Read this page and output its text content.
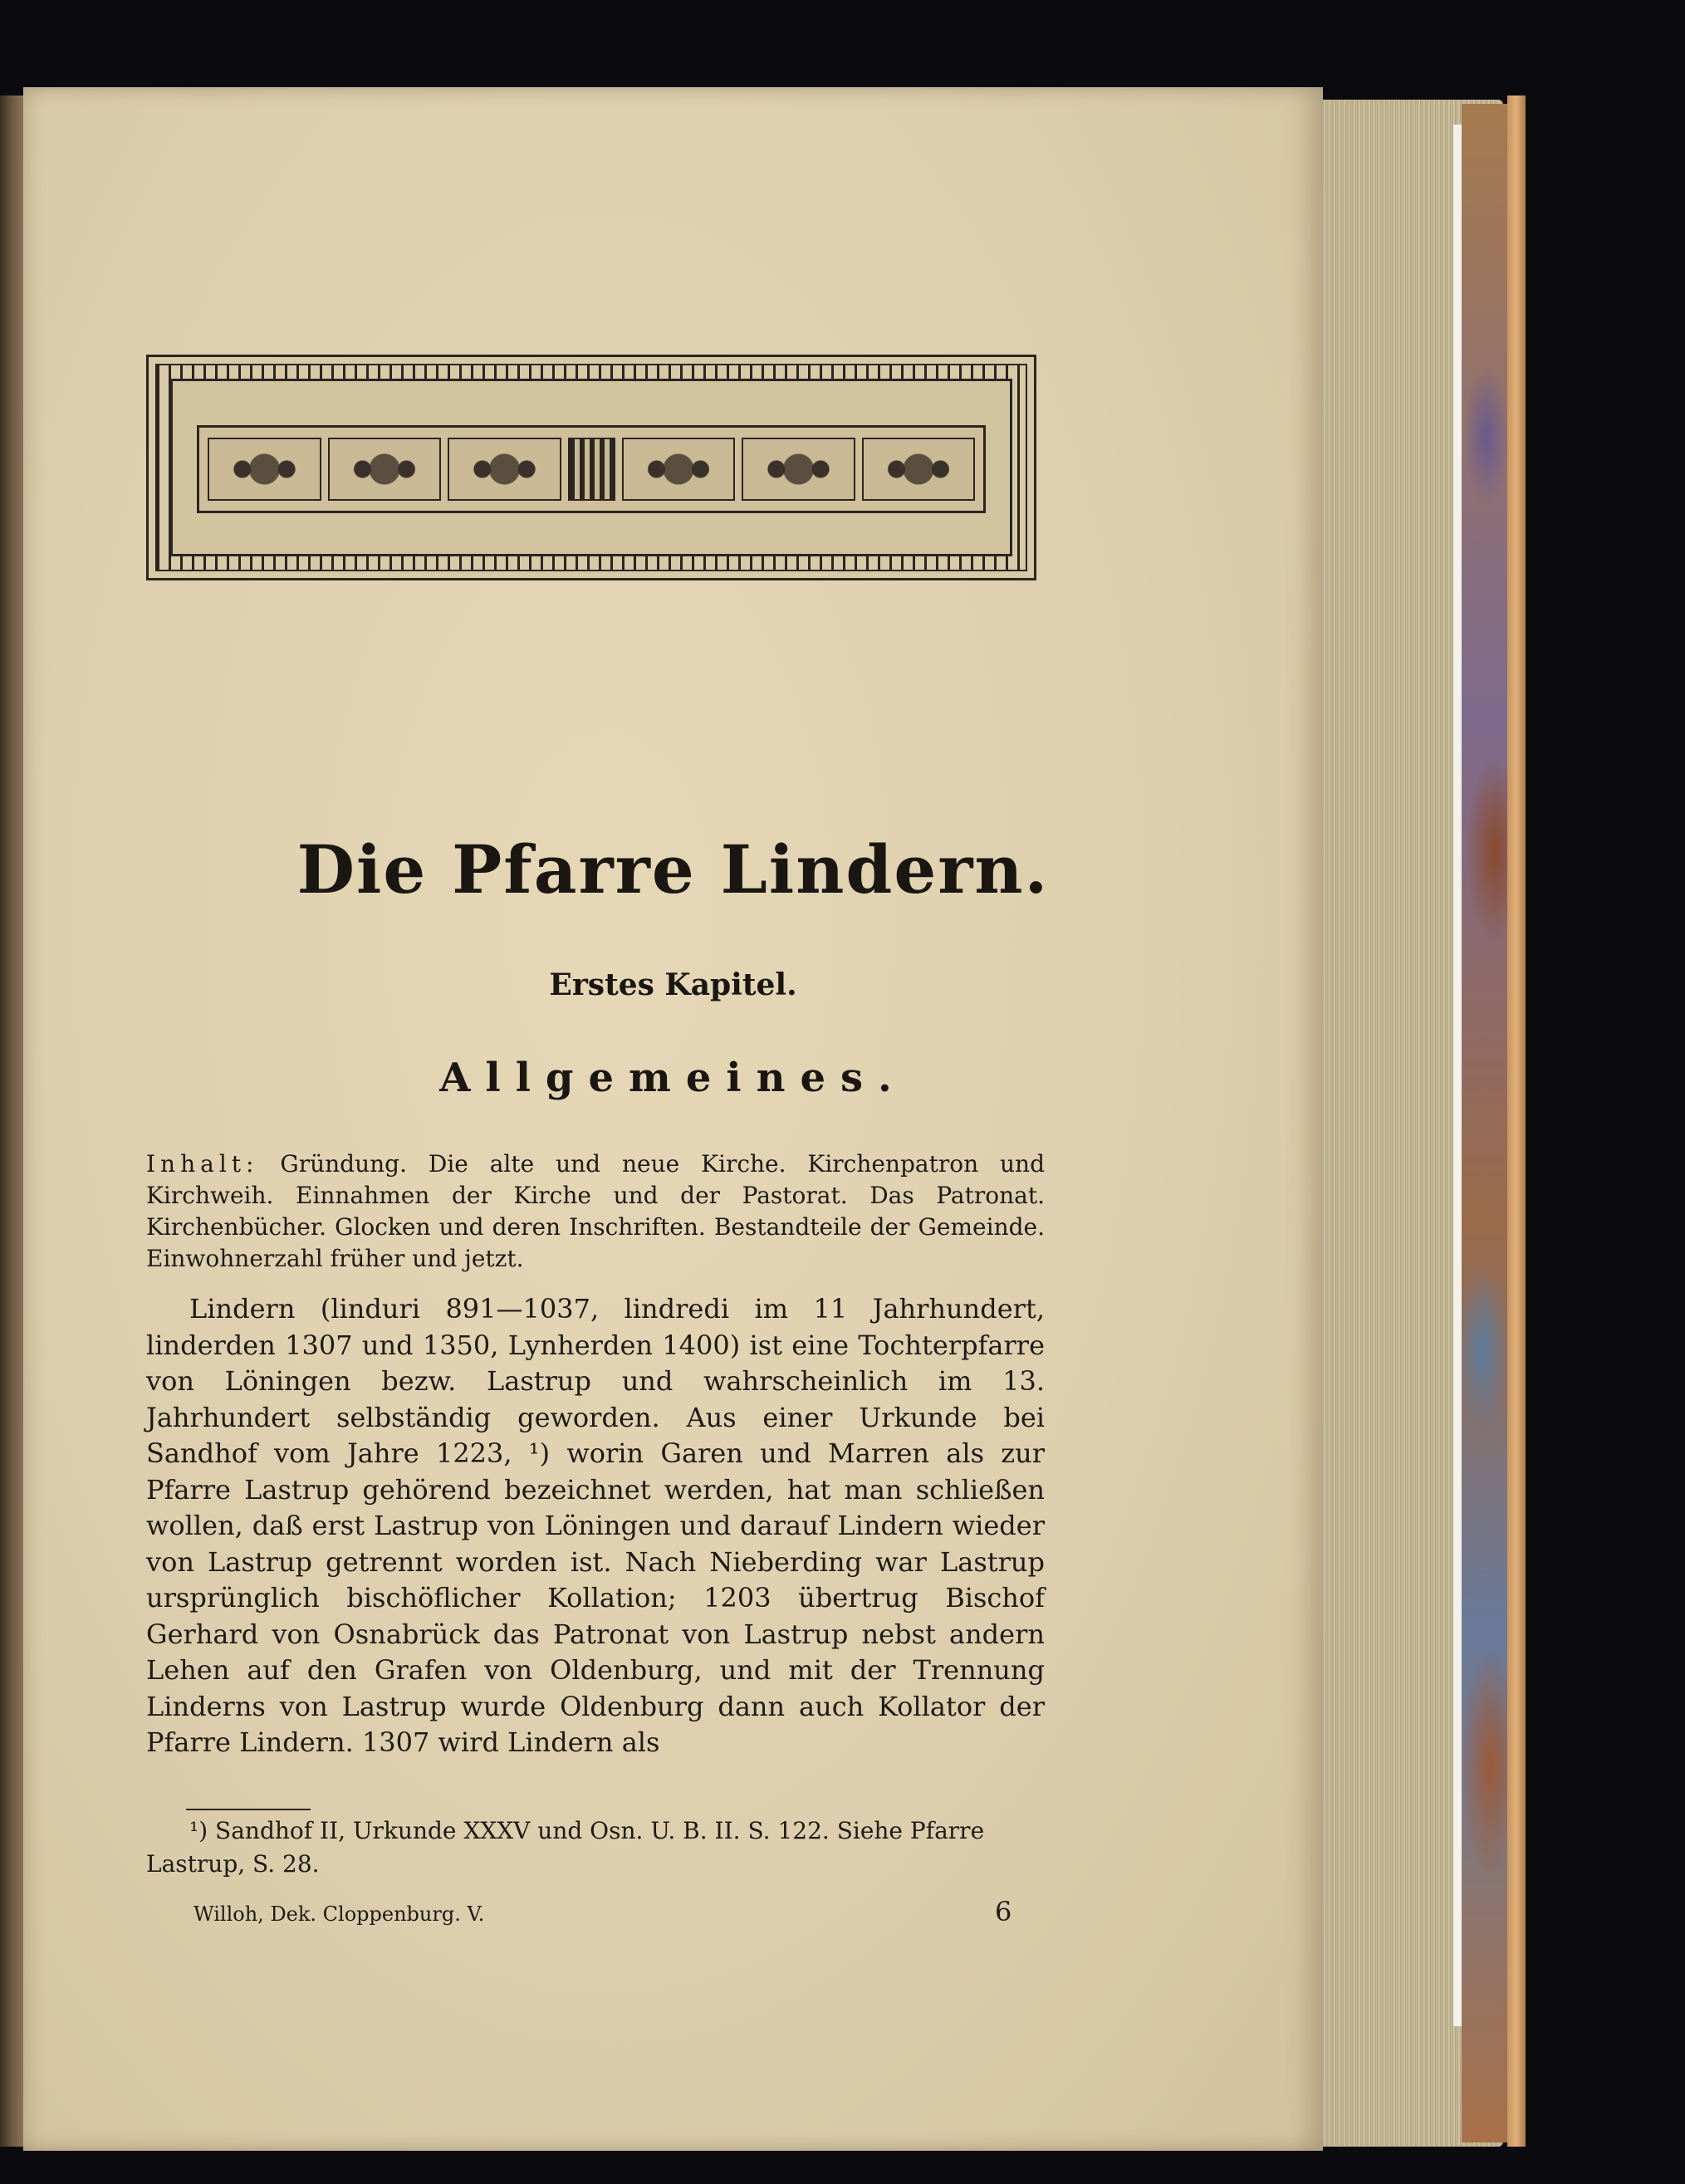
Die Pfarre Lindern.
Erstes Kapitel.
Allgemeines.
Inhalt: Gründung. Die alte und neue Kirche. Kirchenpatron und Kirchweih. Einnahmen der Kirche und der Pastorat. Das Patronat. Kirchenbücher. Glocken und deren Inschriften. Bestandteile der Gemeinde. Einwohnerzahl früher und jetzt.
Lindern (linduri 891—1037, lindredi im 11 Jahrhundert, linderden 1307 und 1350, Lynherden 1400) ist eine Tochterpfarre von Löningen bezw. Lastrup und wahrscheinlich im 13. Jahrhundert selbständig geworden. Aus einer Urkunde bei Sandhof vom Jahre 1223, ¹) worin Garen und Marren als zur Pfarre Lastrup gehörend bezeichnet werden, hat man schließen wollen, daß erst Lastrup von Löningen und darauf Lindern wieder von Lastrup getrennt worden ist. Nach Nieberding war Lastrup ursprünglich bischöflicher Kollation; 1203 übertrug Bischof Gerhard von Osnabrück das Patronat von Lastrup nebst andern Lehen auf den Grafen von Oldenburg, und mit der Trennung Linderns von Lastrup wurde Oldenburg dann auch Kollator der Pfarre Lindern. 1307 wird Lindern als
¹) Sandhof II, Urkunde XXXV und Osn. U. B. II. S. 122. Siehe Pfarre Lastrup, S. 28.
Willoh, Dek. Cloppenburg. V.	6
